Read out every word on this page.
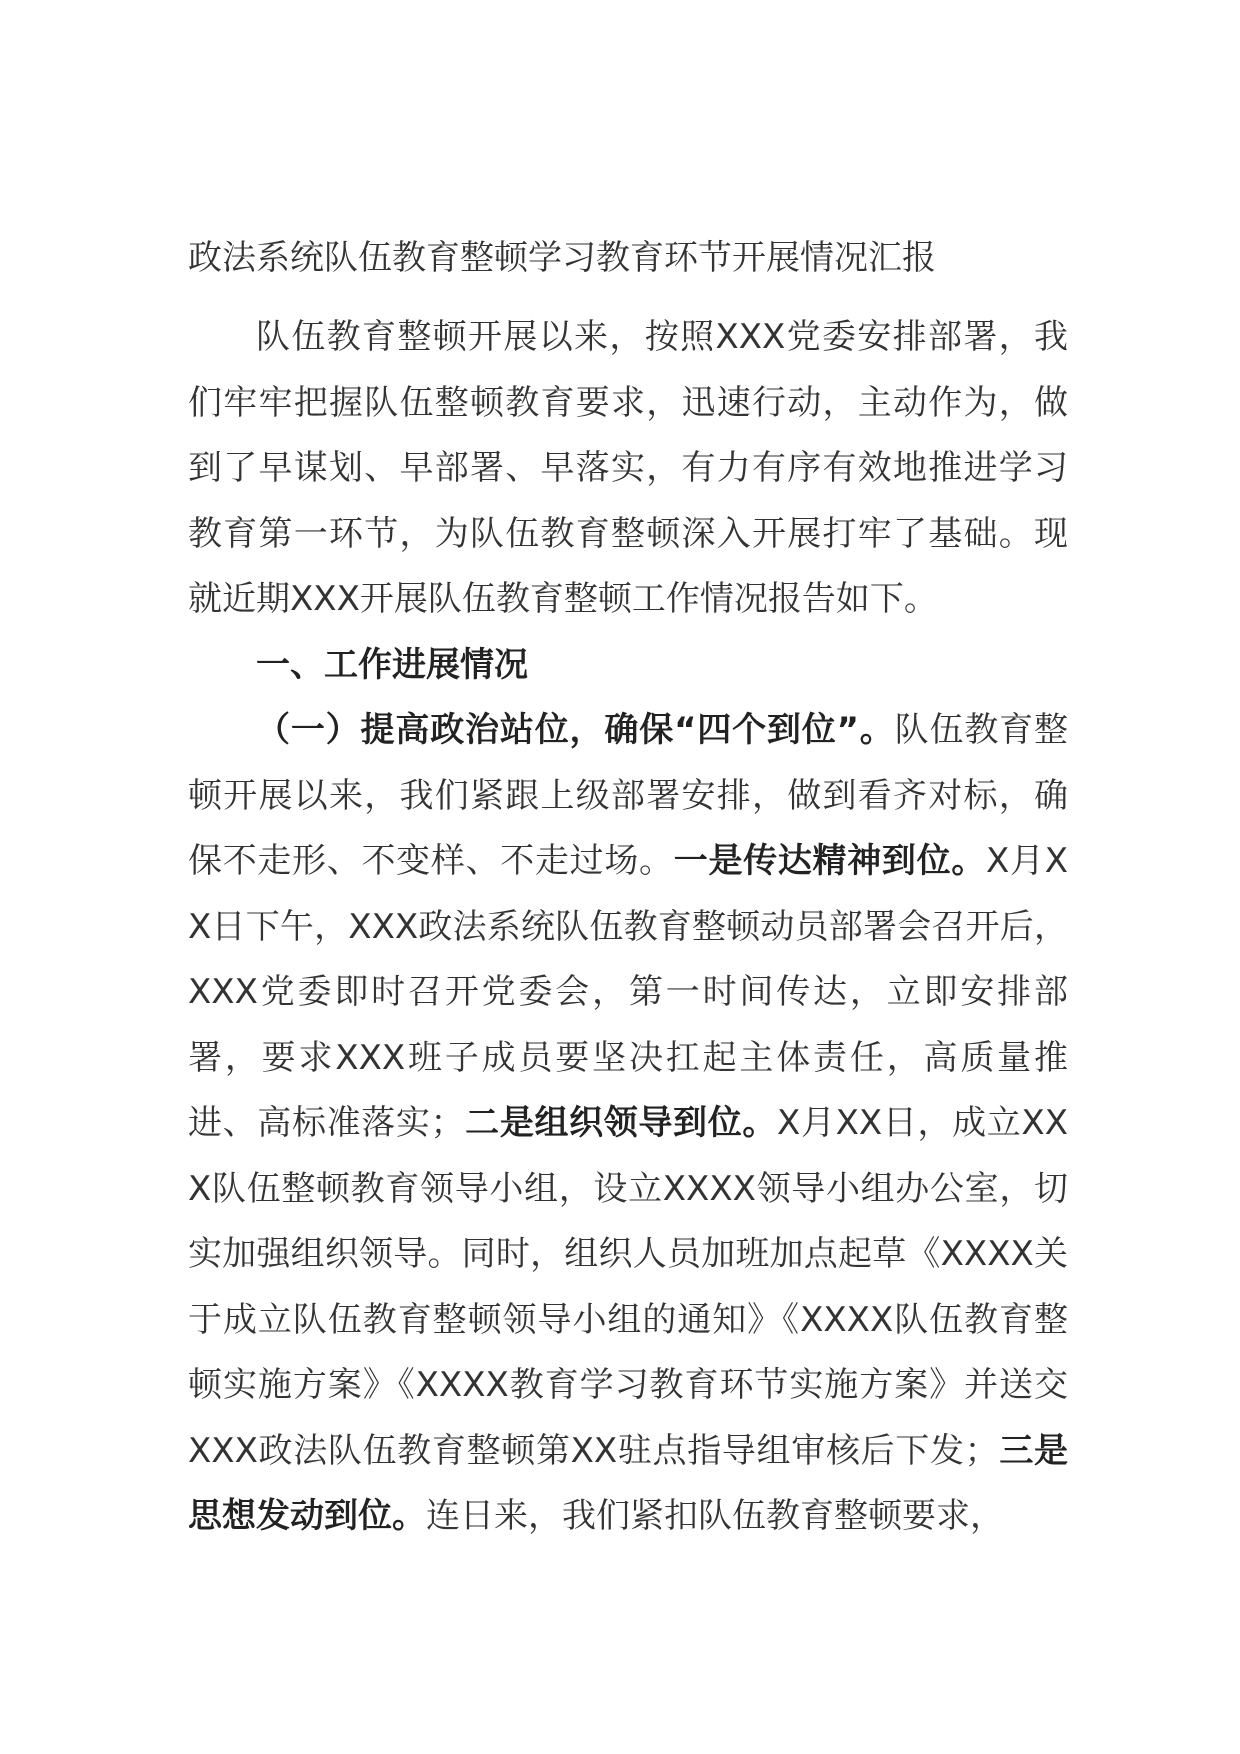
政法系统队伍教育整顿学习教育环节开展情况汇报

队伍教育整顿开展以来，按照XXX党委安排部署，我们牢牢把握队伍整顿教育要求，迅速行动，主动作为，做到了早谋划、早部署、早落实，有力有序有效地推进学习教育第一环节，为队伍教育整顿深入开展打牢了基础。现就近期XXX开展队伍教育整顿工作情况报告如下。

一、工作进展情况

（一）提高政治站位，确保“四个到位”。队伍教育整顿开展以来，我们紧跟上级部署安排，做到看齐对标，确保不走形、不变样、不走过场。一是传达精神到位。X月XX日下午，XXX政法系统队伍教育整顿动员部署会召开后，XXX党委即时召开党委会，第一时间传达，立即安排部署，要求XXX班子成员要坚决扛起主体责任，高质量推进、高标准落实；二是组织领导到位。X月XX日，成立XXX队伍整顿教育领导小组，设立XXXX领导小组办公室，切实加强组织领导。同时，组织人员加班加点起草《XXXX关于成立队伍教育整顿领导小组的通知》《XXXX队伍教育整顿实施方案》《XXXX教育学习教育环节实施方案》并送交XXX政法队伍教育整顿第XX驻点指导组审核后下发；三是思想发动到位。连日来，我们紧扣队伍教育整顿要求，
